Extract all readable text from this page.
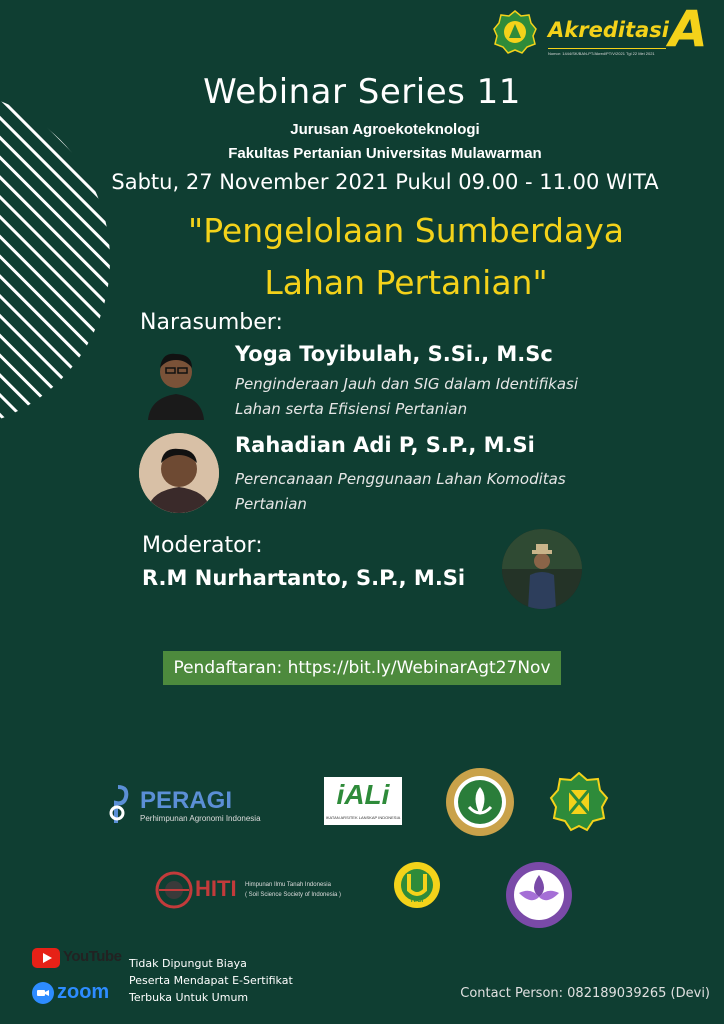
Akreditasi A
Nomor: 1444/SK/BAN-PT/Akred/PT/V/2021 Tgl 22 Mei 2021
Webinar Series 11
Jurusan Agroekoteknologi
Fakultas Pertanian Universitas Mulawarman
Sabtu, 27 November 2021 Pukul 09.00 - 11.00 WITA
"Pengelolaan Sumberdaya
Lahan Pertanian"
Narasumber:
Yoga Toyibulah, S.Si., M.Sc
Penginderaan Jauh dan SIG dalam Identifikasi
Lahan serta Efisiensi Pertanian
Rahadian Adi P, S.P., M.Si
Perencanaan Penggunaan Lahan Komoditas
Pertanian
Moderator:
R.M Nurhartanto, S.P., M.Si
Pendaftaran: https://bit.ly/WebinarAgt27Nov
PERAGI
Perhimpunan Agronomi Indonesia
iALi
IKATAN ARSITEK LANSKAP INDONESIA
HITI Himpunan Ilmu Tanah Indonesia
( Soil Science Society of Indonesia )
HIGI
PAI
YouTube
zoom
Tidak Dipungut Biaya
Peserta Mendapat E-Sertifikat
Terbuka Untuk Umum	Contact Person: 082189039265 (Devi)
